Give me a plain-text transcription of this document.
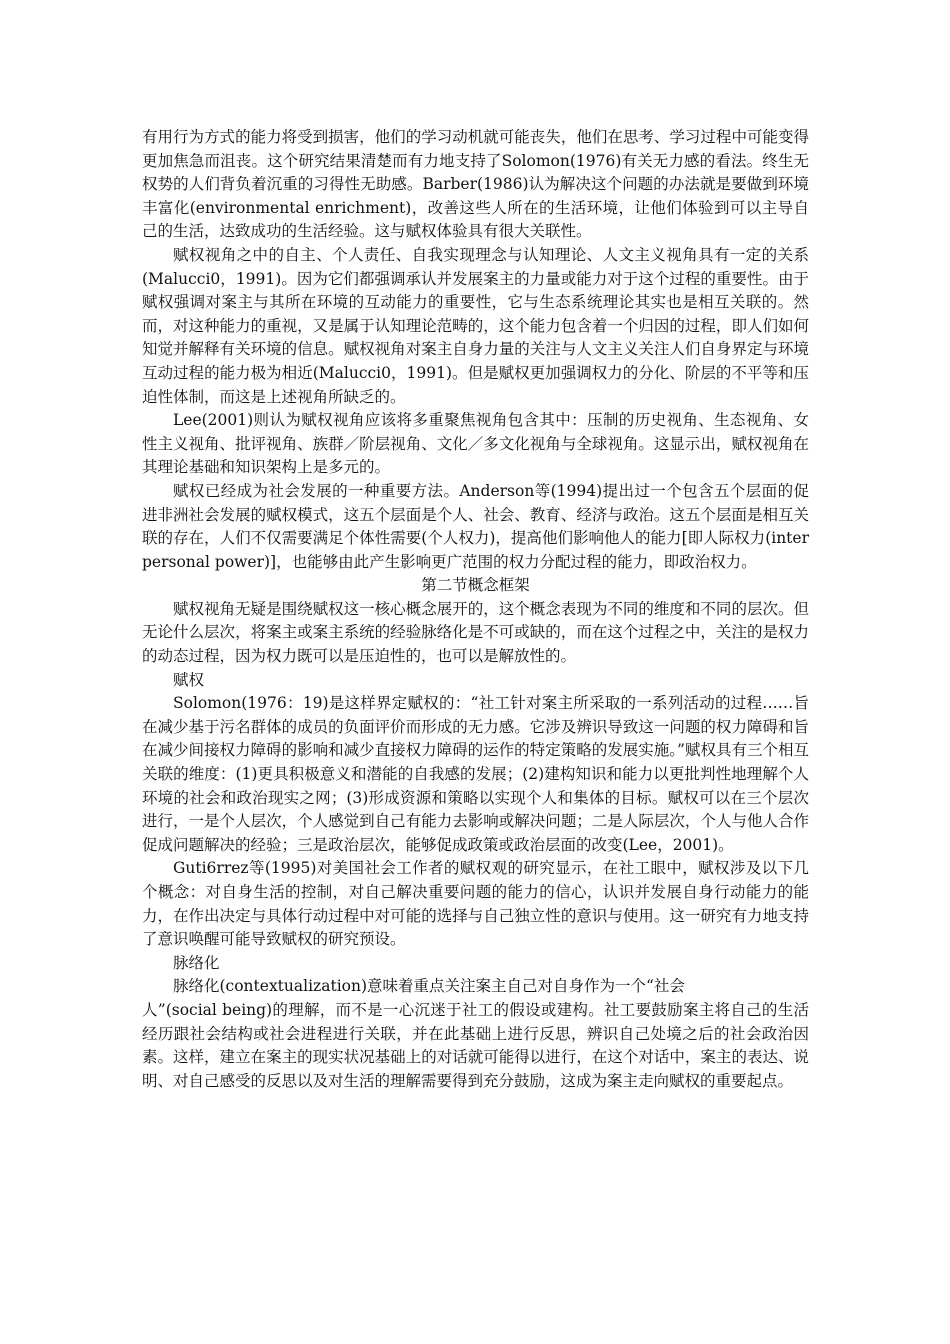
有用行为方式的能力将受到损害，他们的学习动机就可能丧失，他们在思考、学习过程中可能变得更加焦急而沮丧。这个研究结果清楚而有力地支持了Solomon(1976)有关无力感的看法。终生无权势的人们背负着沉重的习得性无助感。Barber(1986)认为解决这个问题的办法就是要做到环境丰富化(environmental enrichment)，改善这些人所在的生活环境，让他们体验到可以主导自己的生活，达致成功的生活经验。这与赋权体验具有很大关联性。

赋权视角之中的自主、个人责任、自我实现理念与认知理论、人文主义视角具有一定的关系(Malucci0，1991)。因为它们都强调承认并发展案主的力量或能力对于这个过程的重要性。由于赋权强调对案主与其所在环境的互动能力的重要性，它与生态系统理论其实也是相互关联的。然而，对这种能力的重视，又是属于认知理论范畴的，这个能力包含着一个归因的过程，即人们如何知觉并解释有关环境的信息。赋权视角对案主自身力量的关注与人文主义关注人们自身界定与环境互动过程的能力极为相近(Malucci0，1991)。但是赋权更加强调权力的分化、阶层的不平等和压迫性体制，而这是上述视角所缺乏的。

Lee(2001)则认为赋权视角应该将多重聚焦视角包含其中：压制的历史视角、生态视角、女性主义视角、批评视角、族群／阶层视角、文化／多文化视角与全球视角。这显示出，赋权视角在其理论基础和知识架构上是多元的。

赋权已经成为社会发展的一种重要方法。Anderson等(1994)提出过一个包含五个层面的促进非洲社会发展的赋权模式，这五个层面是个人、社会、教育、经济与政治。这五个层面是相互关联的存在，人们不仅需要满足个体性需要(个人权力)，提高他们影响他人的能力[即人际权力(interpersonal power)]，也能够由此产生影响更广范围的权力分配过程的能力，即政治权力。

第二节概念框架

赋权视角无疑是围绕赋权这一核心概念展开的，这个概念表现为不同的维度和不同的层次。但无论什么层次，将案主或案主系统的经验脉络化是不可或缺的，而在这个过程之中，关注的是权力的动态过程，因为权力既可以是压迫性的，也可以是解放性的。

赋权

Solomon(1976：19)是这样界定赋权的：“社工针对案主所采取的一系列活动的过程……旨在减少基于污名群体的成员的负面评价而形成的无力感。它涉及辨识导致这一问题的权力障碍和旨在减少间接权力障碍的影响和减少直接权力障碍的运作的特定策略的发展实施。”赋权具有三个相互关联的维度：(1)更具积极意义和潜能的自我感的发展；(2)建构知识和能力以更批判性地理解个人环境的社会和政治现实之网；(3)形成资源和策略以实现个人和集体的目标。赋权可以在三个层次进行，一是个人层次，个人感觉到自己有能力去影响或解决问题；二是人际层次，个人与他人合作促成问题解决的经验；三是政治层次，能够促成政策或政治层面的改变(Lee，2001)。

Guti6rrez等(1995)对美国社会工作者的赋权观的研究显示，在社工眼中，赋权涉及以下几个概念：对自身生活的控制，对自己解决重要问题的能力的信心，认识并发展自身行动能力的能力，在作出决定与具体行动过程中对可能的选择与自己独立性的意识与使用。这一研究有力地支持了意识唤醒可能导致赋权的研究预设。

脉络化

脉络化(contextualization)意味着重点关注案主自己对自身作为一个“社会

人”(social being)的理解，而不是一心沉迷于社工的假设或建构。社工要鼓励案主将自己的生活经历跟社会结构或社会进程进行关联，并在此基础上进行反思，辨识自己处境之后的社会政治因素。这样，建立在案主的现实状况基础上的对话就可能得以进行，在这个对话中，案主的表达、说明、对自己感受的反思以及对生活的理解需要得到充分鼓励，这成为案主走向赋权的重要起点。
